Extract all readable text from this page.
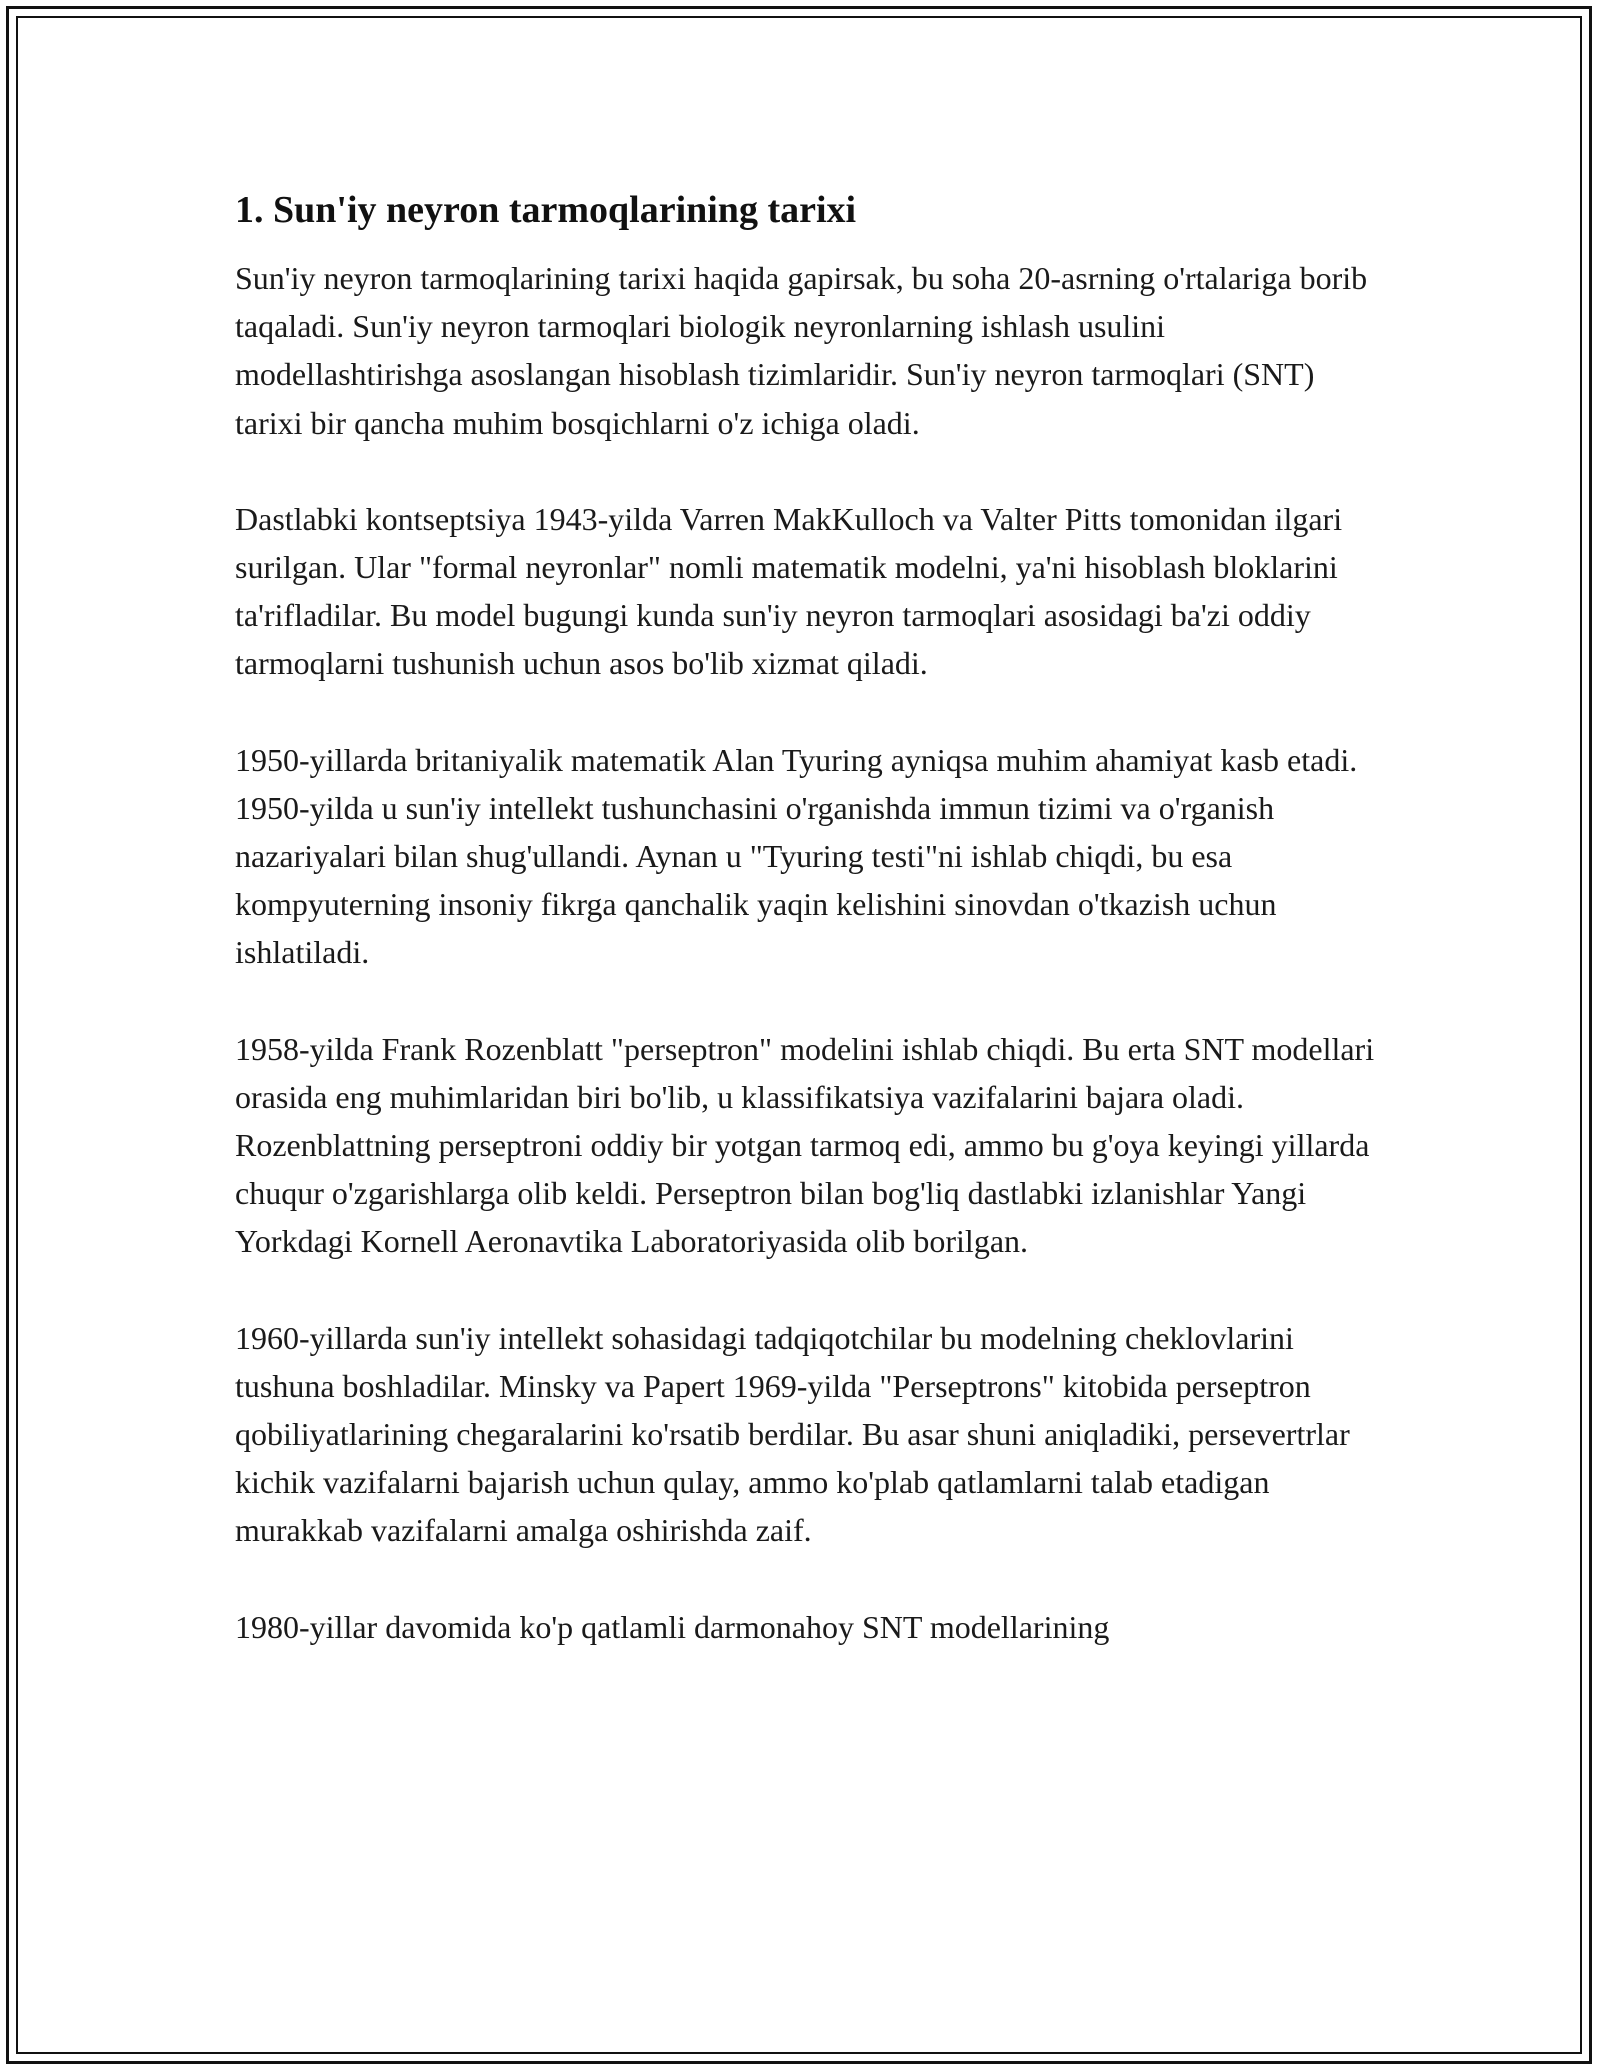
1. Sun'iy neyron tarmoqlarining tarixi

Sun'iy neyron tarmoqlarining tarixi haqida gapirsak, bu soha 20-asrning o'rtalariga borib taqaladi. Sun'iy neyron tarmoqlari biologik neyronlarning ishlash usulini modellashtirishga asoslangan hisoblash tizimlaridir. Sun'iy neyron tarmoqlari (SNT) tarixi bir qancha muhim bosqichlarni o'z ichiga oladi.

Dastlabki kontseptsiya 1943-yilda Varren MakKulloch va Valter Pitts tomonidan ilgari surilgan. Ular "formal neyronlar" nomli matematik modelni, ya'ni hisoblash bloklarini ta'rifladilar. Bu model bugungi kunda sun'iy neyron tarmoqlari asosidagi ba'zi oddiy tarmoqlarni tushunish uchun asos bo'lib xizmat qiladi.

1950-yillarda britaniyalik matematik Alan Tyuring ayniqsa muhim ahamiyat kasb etadi. 1950-yilda u sun'iy intellekt tushunchasini o'rganishda immun tizimi va o'rganish nazariyalari bilan shug'ullandi. Aynan u "Tyuring testi"ni ishlab chiqdi, bu esa kompyuterning insoniy fikrga qanchalik yaqin kelishini sinovdan o'tkazish uchun ishlatiladi.

1958-yilda Frank Rozenblatt "perseptron" modelini ishlab chiqdi. Bu erta SNT modellari orasida eng muhimlaridan biri bo'lib, u klassifikatsiya vazifalarini bajara oladi. Rozenblattning perseptroni oddiy bir yotgan tarmoq edi, ammo bu g'oya keyingi yillarda chuqur o'zgarishlarga olib keldi. Perseptron bilan bog'liq dastlabki izlanishlar Yangi Yorkdagi Kornell Aeronavtika Laboratoriyasida olib borilgan.

1960-yillarda sun'iy intellekt sohasidagi tadqiqotchilar bu modelning cheklovlarini tushuna boshladilar. Minsky va Papert 1969-yilda "Perseptrons" kitobida perseptron qobiliyatlarining chegaralarini ko'rsatib berdilar. Bu asar shuni aniqladiki, persevertrlar kichik vazifalarni bajarish uchun qulay, ammo ko'plab qatlamlarni talab etadigan murakkab vazifalarni amalga oshirishda zaif.

1980-yillar davomida ko'p qatlamli darmonahoy SNT modellarining
